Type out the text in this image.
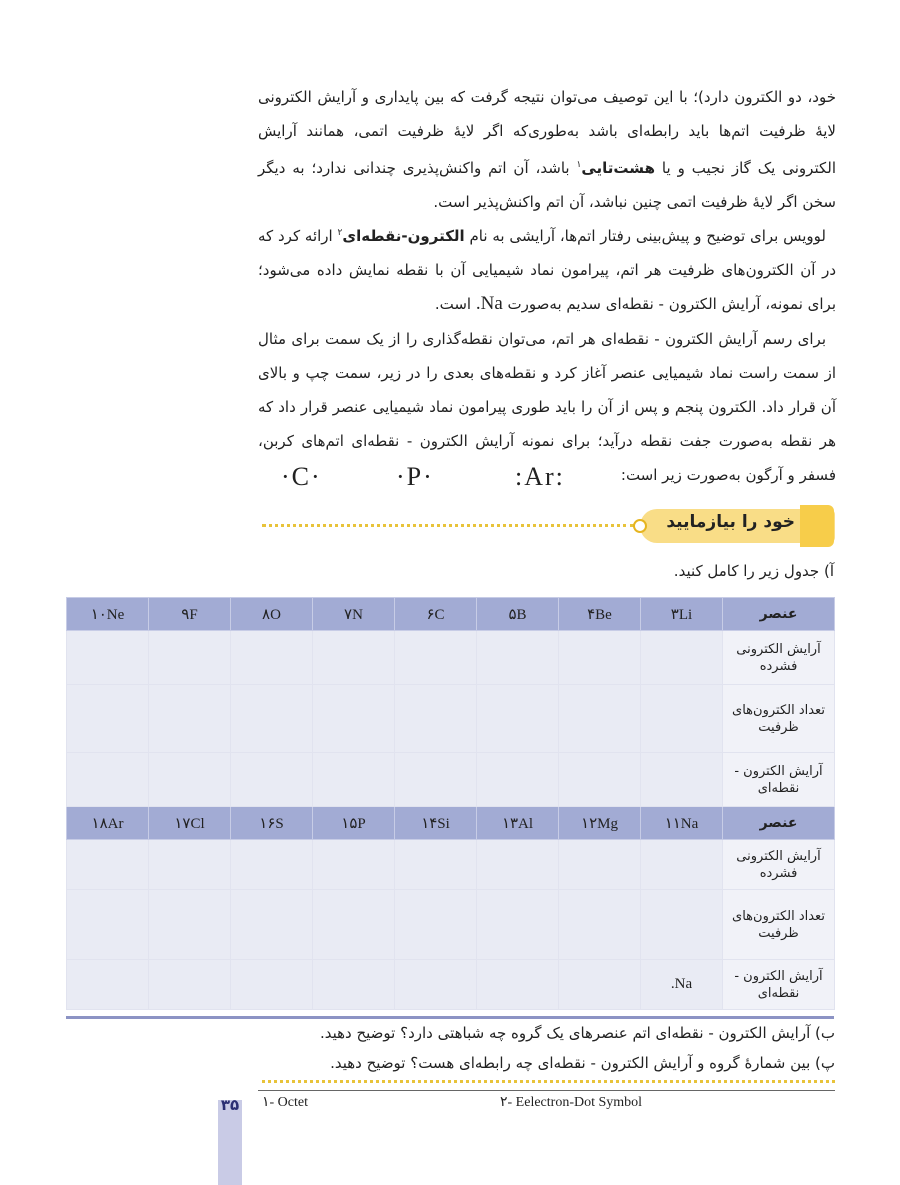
۳۵

خود، دو الکترون دارد)؛ با این توصیف می‌توان نتیجه گرفت که بین پایداری و آرایش الکترونی لایهٔ ظرفیت اتم‌ها باید رابطه‌ای باشد به‌طوری‌که اگر لایهٔ ظرفیت اتمی، همانند آرایش الکترونی یک گاز نجیب و یا هشت‌تایی$^۱$ باشد، آن اتم واکنش‌پذیری چندانی ندارد؛ به دیگر سخن اگر لایهٔ ظرفیت اتمی چنین نباشد، آن اتم واکنش‌پذیر است.

لوویس برای توضیح و پیش‌بینی رفتار اتم‌ها، آرایشی به نام الکترون-نقطه‌ای$^۲$ ارائه کرد که در آن الکترون‌های ظرفیت هر اتم، پیرامون نماد شیمیایی آن با نقطه نمایش داده می‌شود؛ برای نمونه، آرایش الکترون - نقطه‌ای سدیم به‌صورت Na. است.

برای رسم آرایش الکترون - نقطه‌ای هر اتم، می‌توان نقطه‌گذاری را از یک سمت برای مثال از سمت راست نماد شیمیایی عنصر آغاز کرد و نقطه‌های بعدی را در زیر، سمت چپ و بالای آن قرار داد. الکترون پنجم و پس از آن را باید طوری پیرامون نماد شیمیایی عنصر قرار داد که هر نقطه به‌صورت جفت نقطه درآید؛ برای نمونه آرایش الکترون - نقطه‌ای اتم‌های کربن، فسفر و آرگون به‌صورت زیر است:

:Ar:
·P·
·C·
خود را بیازمایید
آ) جدول زیر را کامل کنید.
عنصر	۳Li	۴Be	۵B	۶C	۷N	۸O	۹F	۱۰Ne
آرایش الکترونی فشرده								
تعداد الکترون‌های ظرفیت								
آرایش الکترون - نقطه‌ای								
عنصر	۱۱Na	۱۲Mg	۱۳Al	۱۴Si	۱۵P	۱۶S	۱۷Cl	۱۸Ar
آرایش الکترونی فشرده								
تعداد الکترون‌های ظرفیت								
آرایش الکترون - نقطه‌ای	Na.							
ب) آرایش الکترون - نقطه‌ای اتم عنصرهای یک گروه چه شباهتی دارد؟ توضیح دهید.
پ) بین شمارهٔ گروه و آرایش الکترون - نقطه‌ای چه رابطه‌ای هست؟ توضیح دهید.
۱- Octet	۲- Eelectron-Dot Symbol
